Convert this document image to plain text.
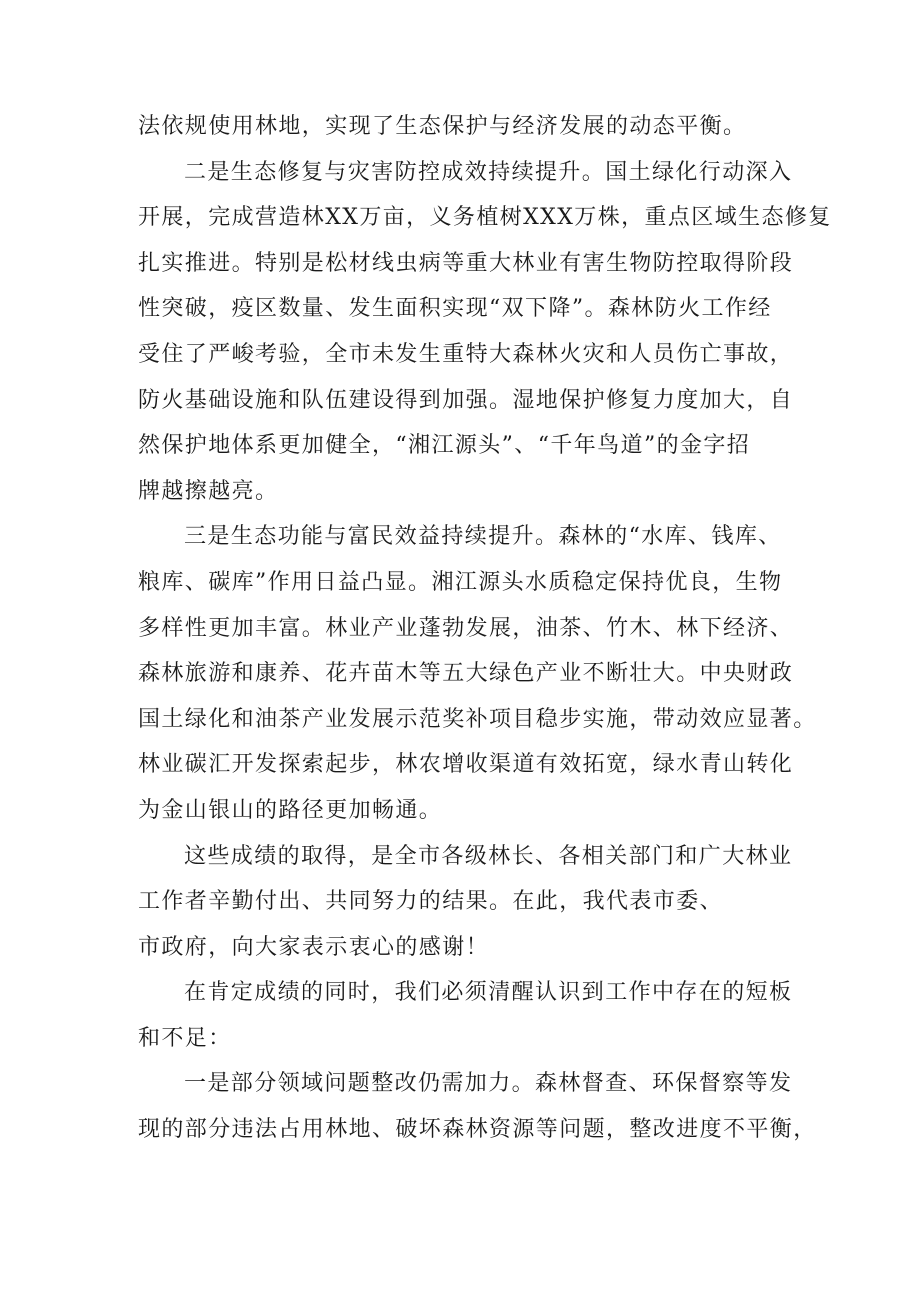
法依规使用林地，实现了生态保护与经济发展的动态平衡。
二是生态修复与灾害防控成效持续提升。国土绿化行动深入
开展，完成营造林XX万亩，义务植树XXX万株，重点区域生态修复
扎实推进。特别是松材线虫病等重大林业有害生物防控取得阶段
性突破，疫区数量、发生面积实现“双下降”。森林防火工作经
受住了严峻考验，全市未发生重特大森林火灾和人员伤亡事故，
防火基础设施和队伍建设得到加强。湿地保护修复力度加大，自
然保护地体系更加健全，“湘江源头”、“千年鸟道”的金字招
牌越擦越亮。
三是生态功能与富民效益持续提升。森林的“水库、钱库、
粮库、碳库”作用日益凸显。湘江源头水质稳定保持优良，生物
多样性更加丰富。林业产业蓬勃发展，油茶、竹木、林下经济、
森林旅游和康养、花卉苗木等五大绿色产业不断壮大。中央财政
国土绿化和油茶产业发展示范奖补项目稳步实施，带动效应显著。
林业碳汇开发探索起步，林农增收渠道有效拓宽，绿水青山转化
为金山银山的路径更加畅通。
这些成绩的取得，是全市各级林长、各相关部门和广大林业
工作者辛勤付出、共同努力的结果。在此，我代表市委、
市政府，向大家表示衷心的感谢！
在肯定成绩的同时，我们必须清醒认识到工作中存在的短板
和不足：
一是部分领域问题整改仍需加力。森林督查、环保督察等发
现的部分违法占用林地、破坏森林资源等问题，整改进度不平衡，
